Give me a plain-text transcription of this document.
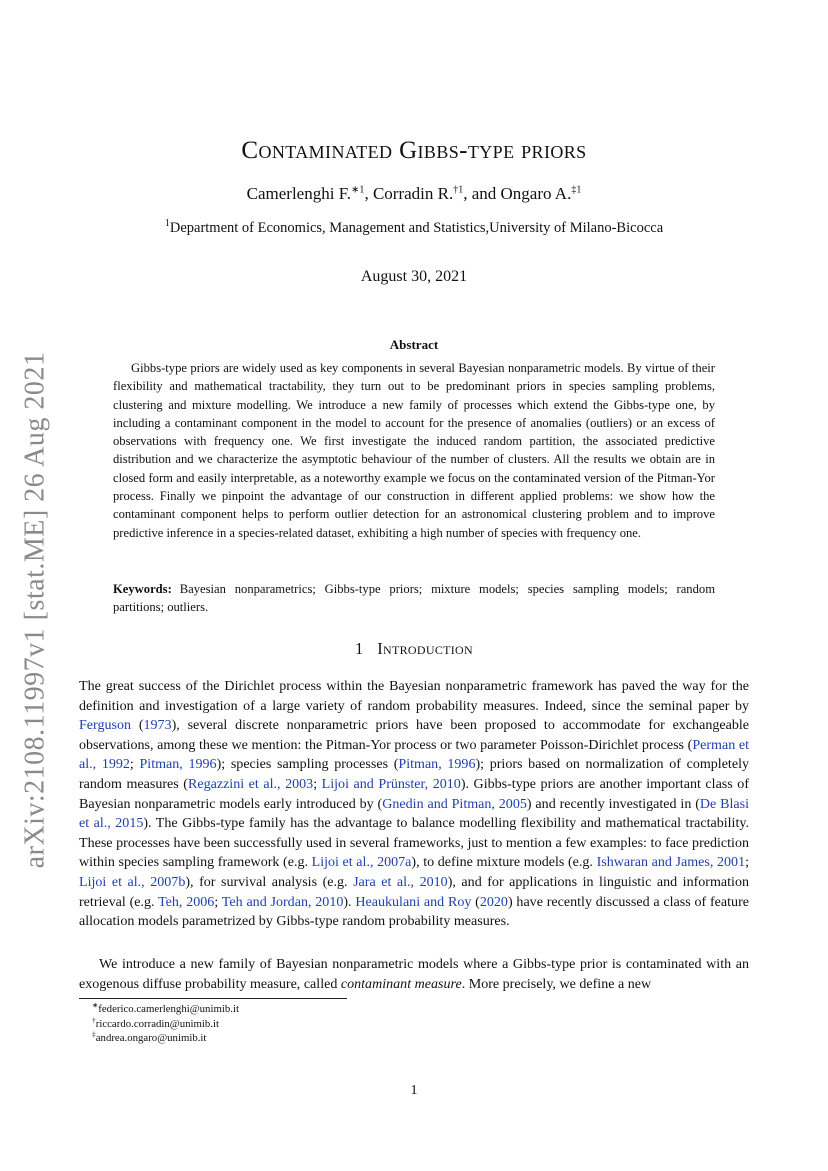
arXiv:2108.11997v1 [stat.ME] 26 Aug 2021
Contaminated Gibbs-type priors
Camerlenghi F.$^{∗1}$, Corradin R.$^{\dagger 1}$, and Ongaro A.$^{\ddagger 1}$
$^1$Department of Economics, Management and Statistics,University of Milano-Bicocca
August 30, 2021
Abstract

Gibbs-type priors are widely used as key components in several Bayesian nonparametric models. By virtue of their flexibility and mathematical tractability, they turn out to be predominant priors in species sampling problems, clustering and mixture modelling. We introduce a new family of processes which extend the Gibbs-type one, by including a contaminant component in the model to account for the presence of anomalies (outliers) or an excess of observations with frequency one. We first investigate the induced random partition, the associated predictive distribution and we characterize the asymptotic behaviour of the number of clusters. All the results we obtain are in closed form and easily interpretable, as a noteworthy example we focus on the contaminated version of the Pitman-Yor process. Finally we pinpoint the advantage of our construction in different applied problems: we show how the contaminant component helps to perform outlier detection for an astronomical clustering problem and to improve predictive inference in a species-related dataset, exhibiting a high number of species with frequency one.

Keywords: Bayesian nonparametrics; Gibbs-type priors; mixture models; species sampling models; random partitions; outliers.

1 Introduction

The great success of the Dirichlet process within the Bayesian nonparametric framework has paved the way for the definition and investigation of a large variety of random probability measures. Indeed, since the seminal paper by Ferguson (1973), several discrete nonparametric priors have been proposed to accommodate for exchangeable observations, among these we mention: the Pitman-Yor process or two parameter Poisson-Dirichlet process (Perman et al., 1992; Pitman, 1996); species sampling processes (Pitman, 1996); priors based on normalization of completely random measures (Regazzini et al., 2003; Lijoi and Prünster, 2010). Gibbs-type priors are another important class of Bayesian nonparametric models early introduced by (Gnedin and Pitman, 2005) and recently investigated in (De Blasi et al., 2015). The Gibbs-type family has the advantage to balance modelling flexibility and mathematical tractability. These processes have been successfully used in several frameworks, just to mention a few examples: to face prediction within species sampling framework (e.g. Lijoi et al., 2007a), to define mixture models (e.g. Ishwaran and James, 2001; Lijoi et al., 2007b), for survival analysis (e.g. Jara et al., 2010), and for applications in linguistic and information retrieval (e.g. Teh, 2006; Teh and Jordan, 2010). Heaukulani and Roy (2020) have recently discussed a class of feature allocation models parametrized by Gibbs-type random probability measures.

We introduce a new family of Bayesian nonparametric models where a Gibbs-type prior is contaminated with an exogenous diffuse probability measure, called contaminant measure. More precisely, we define a new

∗federico.camerlenghi@unimib.it
†riccardo.corradin@unimib.it
‡andrea.ongaro@unimib.it
1
